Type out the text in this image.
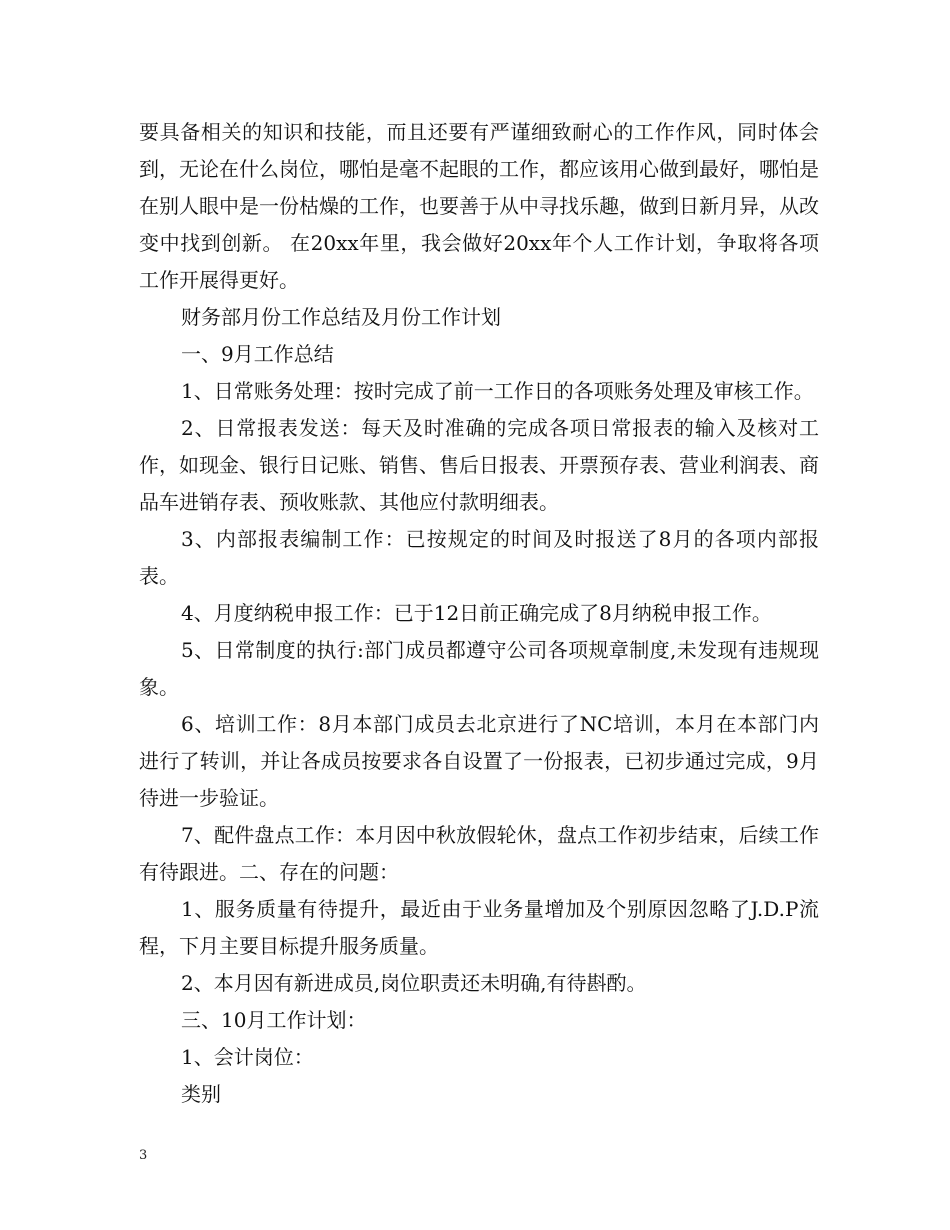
要具备相关的知识和技能，而且还要有严谨细致耐心的工作作风，同时体会到，无论在什么岗位，哪怕是毫不起眼的工作，都应该用心做到最好，哪怕是在别人眼中是一份枯燥的工作，也要善于从中寻找乐趣，做到日新月异，从改变中找到创新。 在20xx年里，我会做好20xx年个人工作计划，争取将各项工作开展得更好。

财务部月份工作总结及月份工作计划

一、9月工作总结

1、日常账务处理：按时完成了前一工作日的各项账务处理及审核工作。

2、日常报表发送：每天及时准确的完成各项日常报表的输入及核对工作，如现金、银行日记账、销售、售后日报表、开票预存表、营业利润表、商品车进销存表、预收账款、其他应付款明细表。

3、内部报表编制工作：已按规定的时间及时报送了8月的各项内部报表。

4、月度纳税申报工作：已于12日前正确完成了8月纳税申报工作。

5、日常制度的执行:部门成员都遵守公司各项规章制度,未发现有违规现象。

6、培训工作：8月本部门成员去北京进行了NC培训，本月在本部门内进行了转训，并让各成员按要求各自设置了一份报表，已初步通过完成，9月待进一步验证。

7、配件盘点工作：本月因中秋放假轮休，盘点工作初步结束，后续工作有待跟进。二、存在的问题：

1、服务质量有待提升，最近由于业务量增加及个别原因忽略了J.D.P流程，下月主要目标提升服务质量。

2、本月因有新进成员,岗位职责还未明确,有待斟酌。

三、10月工作计划：

1、会计岗位：

类别

3
